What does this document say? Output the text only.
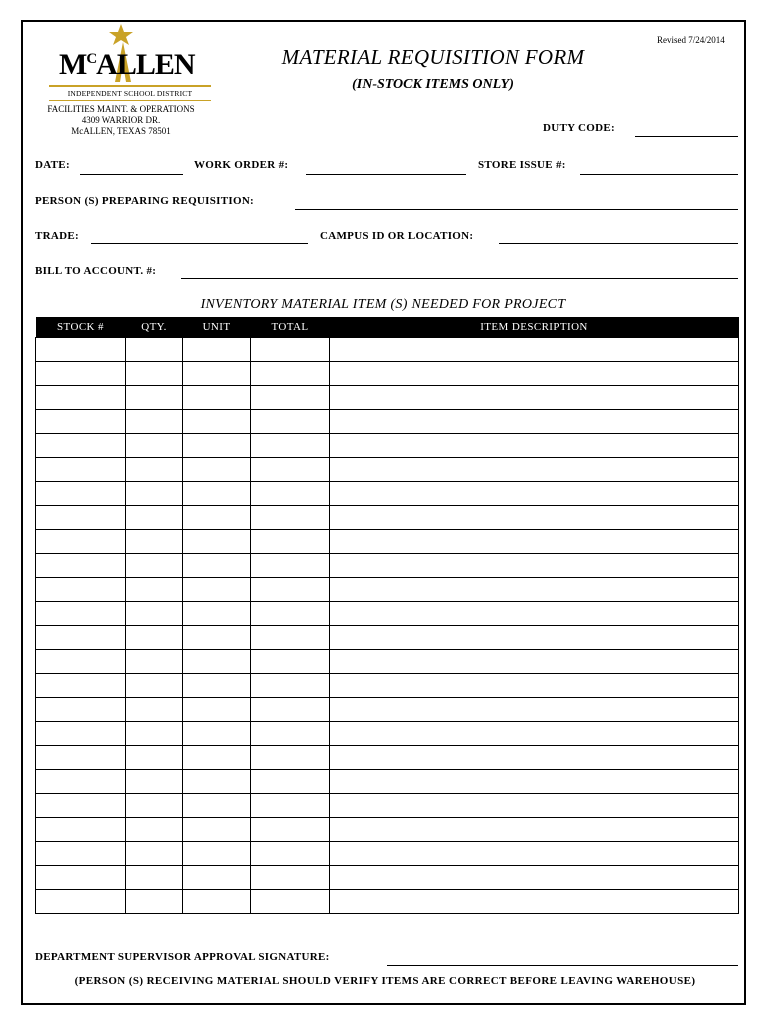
Revised 7/24/2014
$M^CALLEN$
INDEPENDENT SCHOOL DISTRICT
FACILITIES MAINT. & OPERATIONS
4309 WARRIOR DR.
McALLEN, TEXAS 78501
MATERIAL REQUISITION FORM
(IN-STOCK ITEMS ONLY)
DUTY CODE:
DATE:	WORK ORDER #:	STORE ISSUE #:
PERSON (S) PREPARING REQUISITION:
TRADE:	CAMPUS ID OR LOCATION:
BILL TO ACCOUNT. #:
INVENTORY MATERIAL ITEM (S) NEEDED FOR PROJECT
STOCK #	QTY.	UNIT	TOTAL	ITEM DESCRIPTION

DEPARTMENT SUPERVISOR APPROVAL SIGNATURE:
(PERSON (S) RECEIVING MATERIAL SHOULD VERIFY ITEMS ARE CORRECT BEFORE LEAVING WAREHOUSE)
